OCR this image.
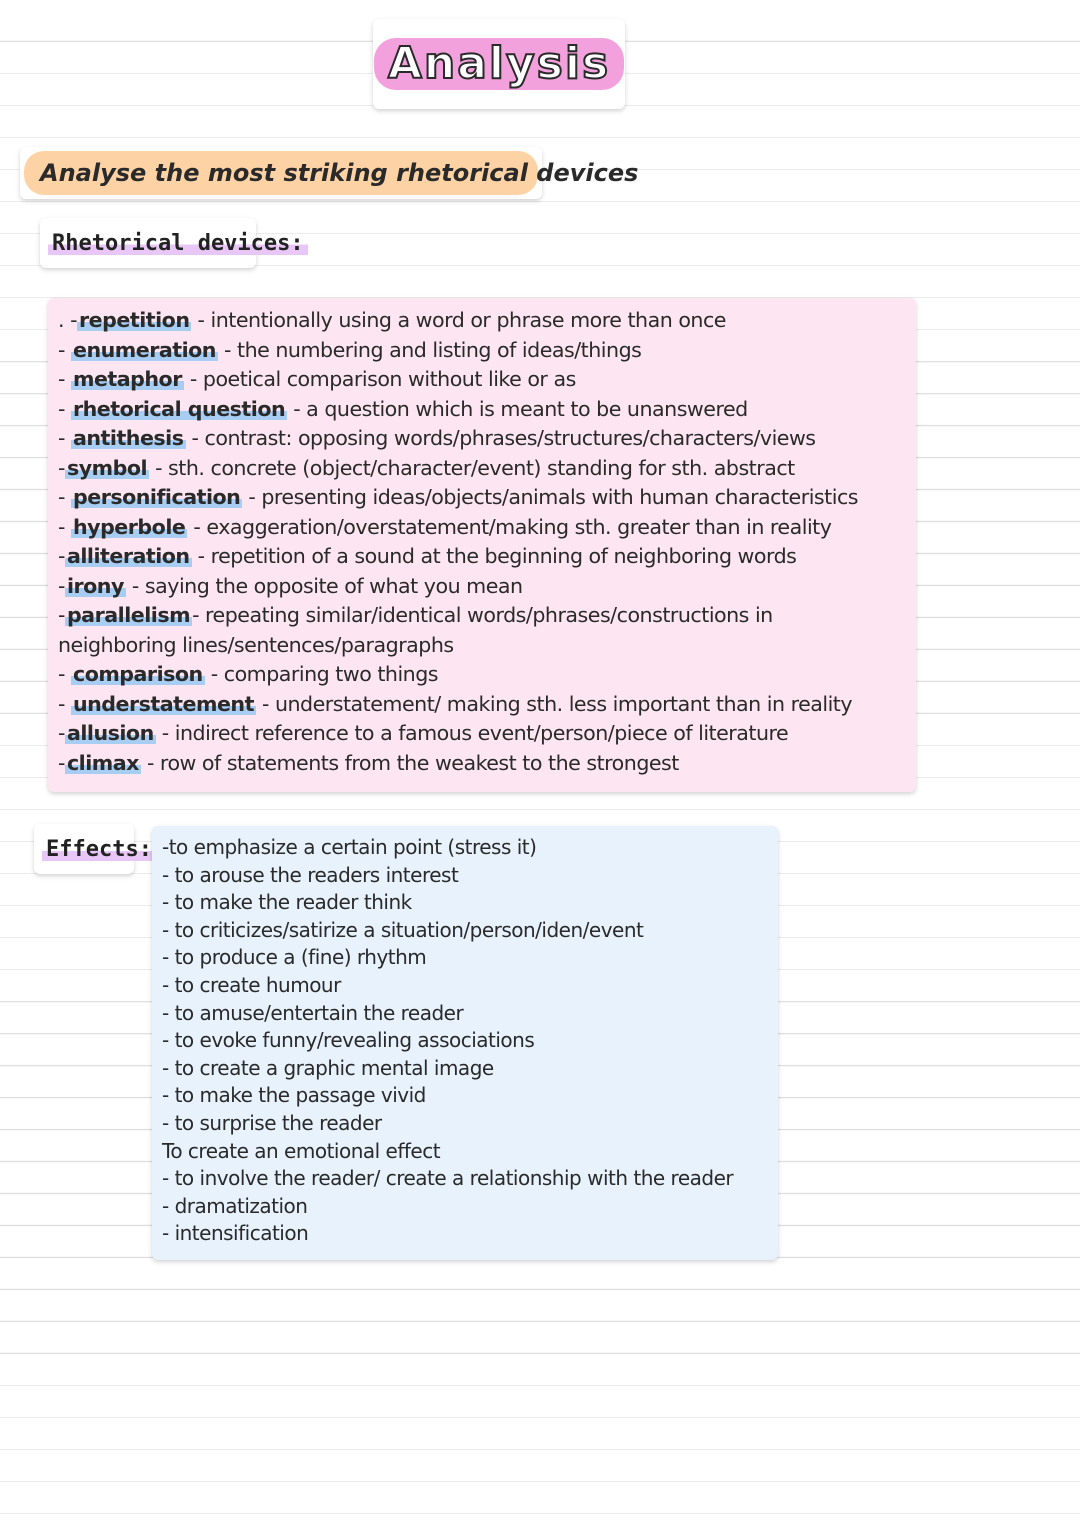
Analysis
Analyse the most striking rhetorical devices
Rhetorical devices:
. -repetition - intentionally using a word or phrase more than once
- enumeration - the numbering and listing of ideas/things
- metaphor - poetical comparison without like or as
- rhetorical question - a question which is meant to be unanswered
- antithesis - contrast: opposing words/phrases/structures/characters/views
-symbol - sth. concrete (object/character/event) standing for sth. abstract
- personification - presenting ideas/objects/animals with human characteristics
- hyperbole - exaggeration/overstatement/making sth. greater than in reality
-alliteration - repetition of a sound at the beginning of neighboring words
-irony - saying the opposite of what you mean
-parallelism- repeating similar/identical words/phrases/constructions in
neighboring lines/sentences/paragraphs
- comparison - comparing two things
- understatement - understatement/ making sth. less important than in reality
-allusion - indirect reference to a famous event/person/piece of literature
-climax - row of statements from the weakest to the strongest
Effects: -to emphasize a certain point (stress it)
- to arouse the readers interest
- to make the reader think
- to criticizes/satirize a situation/person/iden/event
- to produce a (fine) rhythm
- to create humour
- to amuse/entertain the reader
- to evoke funny/revealing associations
- to create a graphic mental image
- to make the passage vivid
- to surprise the reader
To create an emotional effect
- to involve the reader/ create a relationship with the reader
- dramatization
- intensification
